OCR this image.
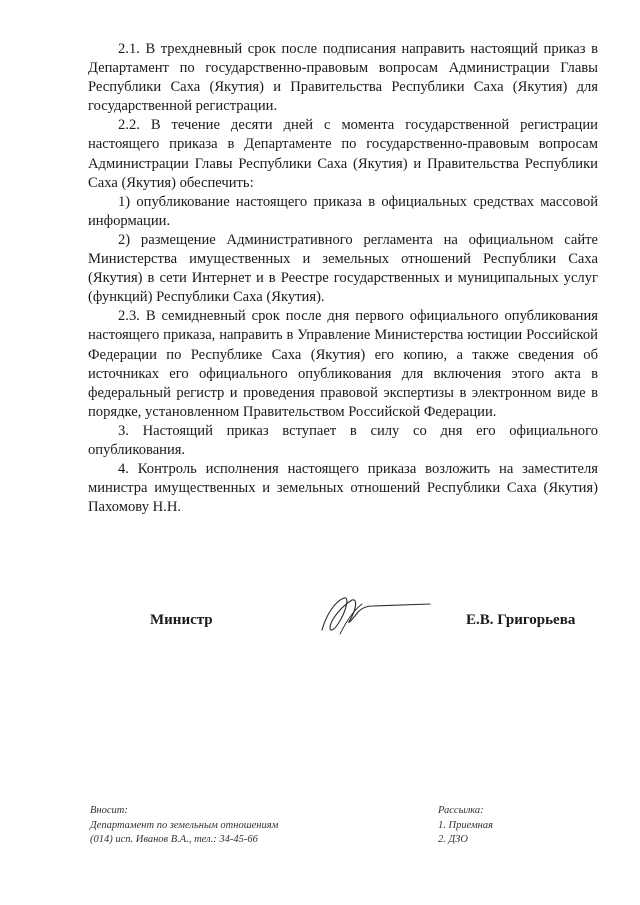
2.1. В трехдневный срок после подписания направить настоящий приказ в Департамент по государственно-правовым вопросам Администрации Главы Республики Саха (Якутия) и Правительства Республики Саха (Якутия) для государственной регистрации.

2.2. В течение десяти дней с момента государственной регистрации настоящего приказа в Департаменте по государственно-правовым вопросам Администрации Главы Республики Саха (Якутия) и Правительства Республики Саха (Якутия) обеспечить:

1) опубликование настоящего приказа в официальных средствах массовой информации.

2) размещение Административного регламента на официальном сайте Министерства имущественных и земельных отношений Республики Саха (Якутия) в сети Интернет и в Реестре государственных и муниципальных услуг (функций) Республики Саха (Якутия).

2.3. В семидневный срок после дня первого официального опубликования настоящего приказа, направить в Управление Министерства юстиции Российской Федерации по Республике Саха (Якутия) его копию, а также сведения об источниках его официального опубликования для включения этого акта в федеральный регистр и проведения правовой экспертизы в электронном виде в порядке, установленном Правительством Российской Федерации.

3. Настоящий приказ вступает в силу со дня его официального опубликования.

4. Контроль исполнения настоящего приказа возложить на заместителя министра имущественных и земельных отношений Республики Саха (Якутия) Пахомову Н.Н.

Министр	Е.В. Григорьева
Вносит:
Департамент по земельным отношениям
(014) исп. Иванов В.А., тел.: 34-45-66
Рассылка:
1. Приемная
2. ДЗО
